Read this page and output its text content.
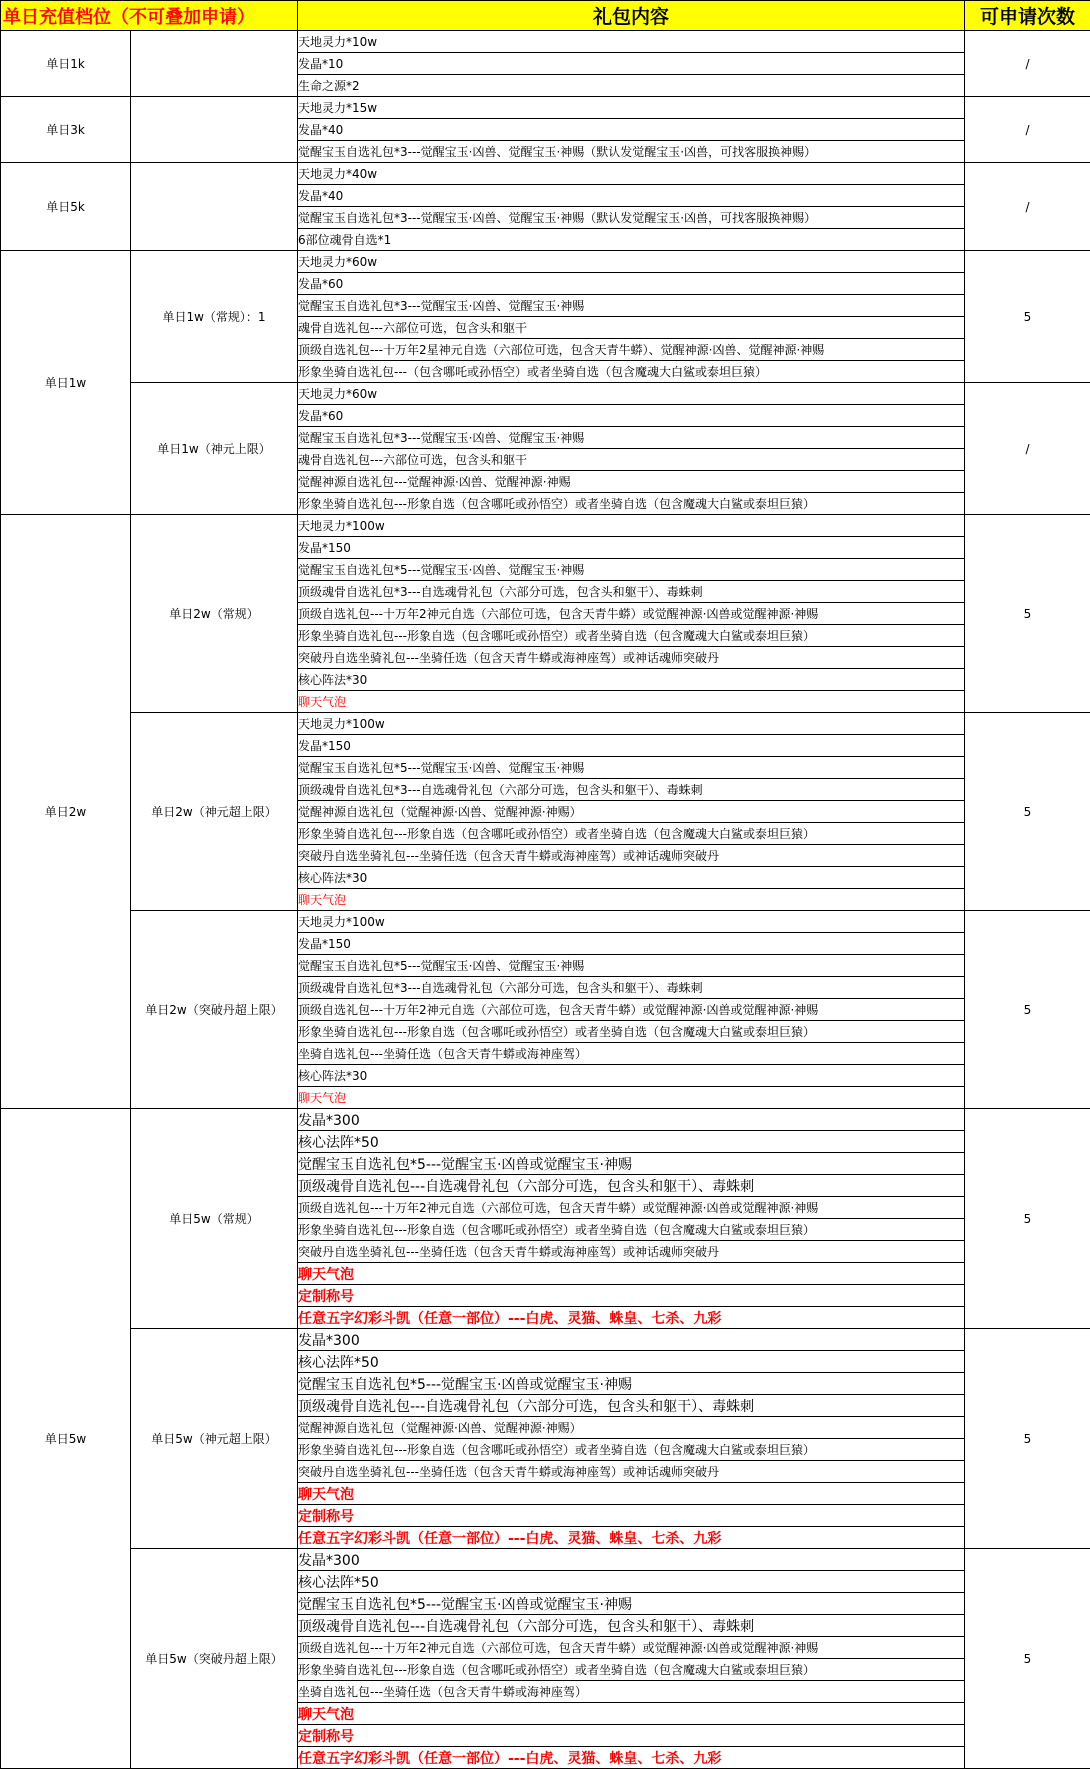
单日充值档位（不可叠加申请）		礼包内容	可申请次数
单日1k		天地灵力*10w	/
		发晶*10	
		生命之源*2	
单日3k		天地灵力*15w	/
		发晶*40	
		觉醒宝玉自选礼包*3---觉醒宝玉·凶兽、觉醒宝玉·神赐（默认发觉醒宝玉·凶兽，可找客服换神赐）	
单日5k		天地灵力*40w	/
		发晶*40	
		觉醒宝玉自选礼包*3---觉醒宝玉·凶兽、觉醒宝玉·神赐（默认发觉醒宝玉·凶兽，可找客服换神赐）	
		6部位魂骨自选*1	
单日1w	单日1w（常规）：1	天地灵力*60w	5
		发晶*60	
		觉醒宝玉自选礼包*3---觉醒宝玉·凶兽、觉醒宝玉·神赐	
		魂骨自选礼包---六部位可选，包含头和躯干	
		顶级自选礼包---十万年2星神元自选（六部位可选，包含天青牛蟒）、觉醒神源·凶兽、觉醒神源·神赐	
		形象坐骑自选礼包---（包含哪吒或孙悟空）或者坐骑自选（包含魔魂大白鲨或泰坦巨猿）	
	单日1w（神元上限）	天地灵力*60w	/
		发晶*60	
		觉醒宝玉自选礼包*3---觉醒宝玉·凶兽、觉醒宝玉·神赐	
		魂骨自选礼包---六部位可选，包含头和躯干	
		觉醒神源自选礼包---觉醒神源·凶兽、觉醒神源·神赐	
		形象坐骑自选礼包---形象自选（包含哪吒或孙悟空）或者坐骑自选（包含魔魂大白鲨或泰坦巨猿）	
单日2w	单日2w（常规）	天地灵力*100w	5
		发晶*150	
		觉醒宝玉自选礼包*5---觉醒宝玉·凶兽、觉醒宝玉·神赐	
		顶级魂骨自选礼包*3---自选魂骨礼包（六部分可选，包含头和躯干）、毒蛛刺	
		顶级自选礼包---十万年2神元自选（六部位可选，包含天青牛蟒）或觉醒神源·凶兽或觉醒神源·神赐	
		形象坐骑自选礼包---形象自选（包含哪吒或孙悟空）或者坐骑自选（包含魔魂大白鲨或泰坦巨猿）	
		突破丹自选坐骑礼包---坐骑任选（包含天青牛蟒或海神座驾）或神话魂师突破丹	
		核心阵法*30	
		聊天气泡	
	单日2w（神元超上限）	天地灵力*100w	5
		发晶*150	
		觉醒宝玉自选礼包*5---觉醒宝玉·凶兽、觉醒宝玉·神赐	
		顶级魂骨自选礼包*3---自选魂骨礼包（六部分可选，包含头和躯干）、毒蛛刺	
		觉醒神源自选礼包（觉醒神源·凶兽、觉醒神源·神赐）	
		形象坐骑自选礼包---形象自选（包含哪吒或孙悟空）或者坐骑自选（包含魔魂大白鲨或泰坦巨猿）	
		突破丹自选坐骑礼包---坐骑任选（包含天青牛蟒或海神座驾）或神话魂师突破丹	
		核心阵法*30	
		聊天气泡	
	单日2w（突破丹超上限）	天地灵力*100w	5
		发晶*150	
		觉醒宝玉自选礼包*5---觉醒宝玉·凶兽、觉醒宝玉·神赐	
		顶级魂骨自选礼包*3---自选魂骨礼包（六部分可选，包含头和躯干）、毒蛛刺	
		顶级自选礼包---十万年2神元自选（六部位可选，包含天青牛蟒）或觉醒神源·凶兽或觉醒神源·神赐	
		形象坐骑自选礼包---形象自选（包含哪吒或孙悟空）或者坐骑自选（包含魔魂大白鲨或泰坦巨猿）	
		坐骑自选礼包---坐骑任选（包含天青牛蟒或海神座驾）	
		核心阵法*30	
		聊天气泡	
单日5w	单日5w（常规）	发晶*300	5
		核心法阵*50	
		觉醒宝玉自选礼包*5---觉醒宝玉·凶兽或觉醒宝玉·神赐	
		顶级魂骨自选礼包---自选魂骨礼包（六部分可选，包含头和躯干）、毒蛛刺	
		顶级自选礼包---十万年2神元自选（六部位可选，包含天青牛蟒）或觉醒神源·凶兽或觉醒神源·神赐	
		形象坐骑自选礼包---形象自选（包含哪吒或孙悟空）或者坐骑自选（包含魔魂大白鲨或泰坦巨猿）	
		突破丹自选坐骑礼包---坐骑任选（包含天青牛蟒或海神座驾）或神话魂师突破丹	
		聊天气泡	
		定制称号	
		任意五字幻彩斗凯（任意一部位）---白虎、灵猫、蛛皇、七杀、九彩	
	单日5w（神元超上限）	发晶*300	5
		核心法阵*50	
		觉醒宝玉自选礼包*5---觉醒宝玉·凶兽或觉醒宝玉·神赐	
		顶级魂骨自选礼包---自选魂骨礼包（六部分可选，包含头和躯干）、毒蛛刺	
		觉醒神源自选礼包（觉醒神源·凶兽、觉醒神源·神赐）	
		形象坐骑自选礼包---形象自选（包含哪吒或孙悟空）或者坐骑自选（包含魔魂大白鲨或泰坦巨猿）	
		突破丹自选坐骑礼包---坐骑任选（包含天青牛蟒或海神座驾）或神话魂师突破丹	
		聊天气泡	
		定制称号	
		任意五字幻彩斗凯（任意一部位）---白虎、灵猫、蛛皇、七杀、九彩	
	单日5w（突破丹超上限）	发晶*300	5
		核心法阵*50	
		觉醒宝玉自选礼包*5---觉醒宝玉·凶兽或觉醒宝玉·神赐	
		顶级魂骨自选礼包---自选魂骨礼包（六部分可选，包含头和躯干）、毒蛛刺	
		顶级自选礼包---十万年2神元自选（六部位可选，包含天青牛蟒）或觉醒神源·凶兽或觉醒神源·神赐	
		形象坐骑自选礼包---形象自选（包含哪吒或孙悟空）或者坐骑自选（包含魔魂大白鲨或泰坦巨猿）	
		坐骑自选礼包---坐骑任选（包含天青牛蟒或海神座驾）	
		聊天气泡	
		定制称号	
		任意五字幻彩斗凯（任意一部位）---白虎、灵猫、蛛皇、七杀、九彩	
